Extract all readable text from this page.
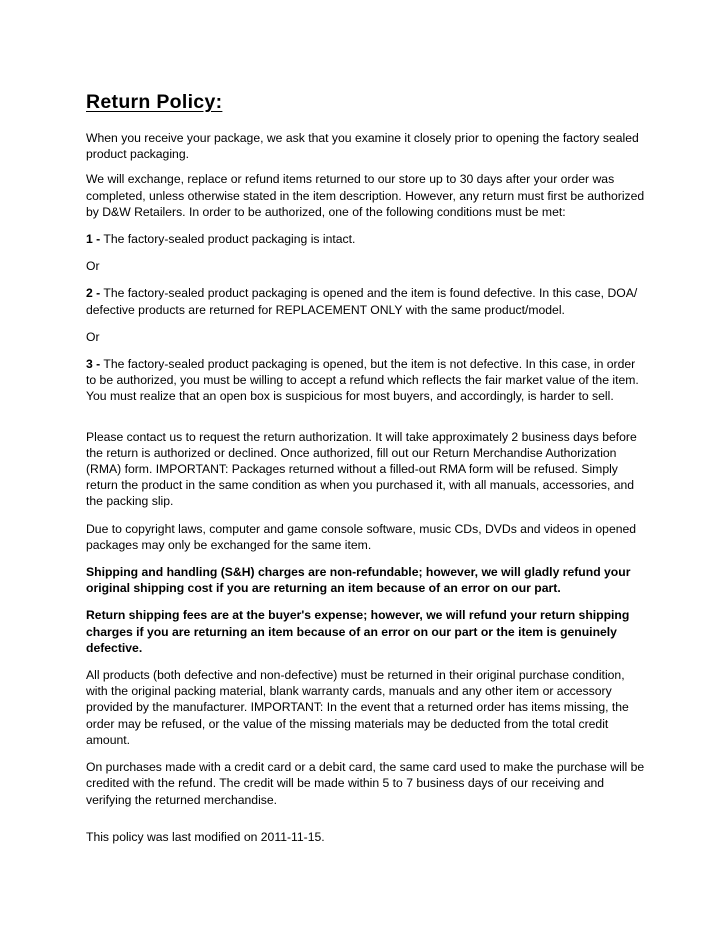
Return Policy:

When you receive your package, we ask that you examine it closely prior to opening the factory sealed product packaging.

We will exchange, replace or refund items returned to our store up to 30 days after your order was completed, unless otherwise stated in the item description. However, any return must first be authorized by D&W Retailers. In order to be authorized, one of the following conditions must be met:

1 - The factory-sealed product packaging is intact.

Or

2 - The factory-sealed product packaging is opened and the item is found defective. In this case, DOA/ defective products are returned for REPLACEMENT ONLY with the same product/model.

Or

3 - The factory-sealed product packaging is opened, but the item is not defective. In this case, in order to be authorized, you must be willing to accept a refund which reflects the fair market value of the item. You must realize that an open box is suspicious for most buyers, and accordingly, is harder to sell.

Please contact us to request the return authorization. It will take approximately 2 business days before the return is authorized or declined. Once authorized, fill out our Return Merchandise Authorization (RMA) form. IMPORTANT: Packages returned without a filled-out RMA form will be refused. Simply return the product in the same condition as when you purchased it, with all manuals, accessories, and the packing slip.

Due to copyright laws, computer and game console software, music CDs, DVDs and videos in opened packages may only be exchanged for the same item.

Shipping and handling (S&H) charges are non-refundable; however, we will gladly refund your original shipping cost if you are returning an item because of an error on our part.

Return shipping fees are at the buyer's expense; however, we will refund your return shipping charges if you are returning an item because of an error on our part or the item is genuinely defective.

All products (both defective and non-defective) must be returned in their original purchase condition, with the original packing material, blank warranty cards, manuals and any other item or accessory provided by the manufacturer. IMPORTANT: In the event that a returned order has items missing, the order may be refused, or the value of the missing materials may be deducted from the total credit amount.

On purchases made with a credit card or a debit card, the same card used to make the purchase will be credited with the refund. The credit will be made within 5 to 7 business days of our receiving and verifying the returned merchandise.

This policy was last modified on 2011-11-15.
